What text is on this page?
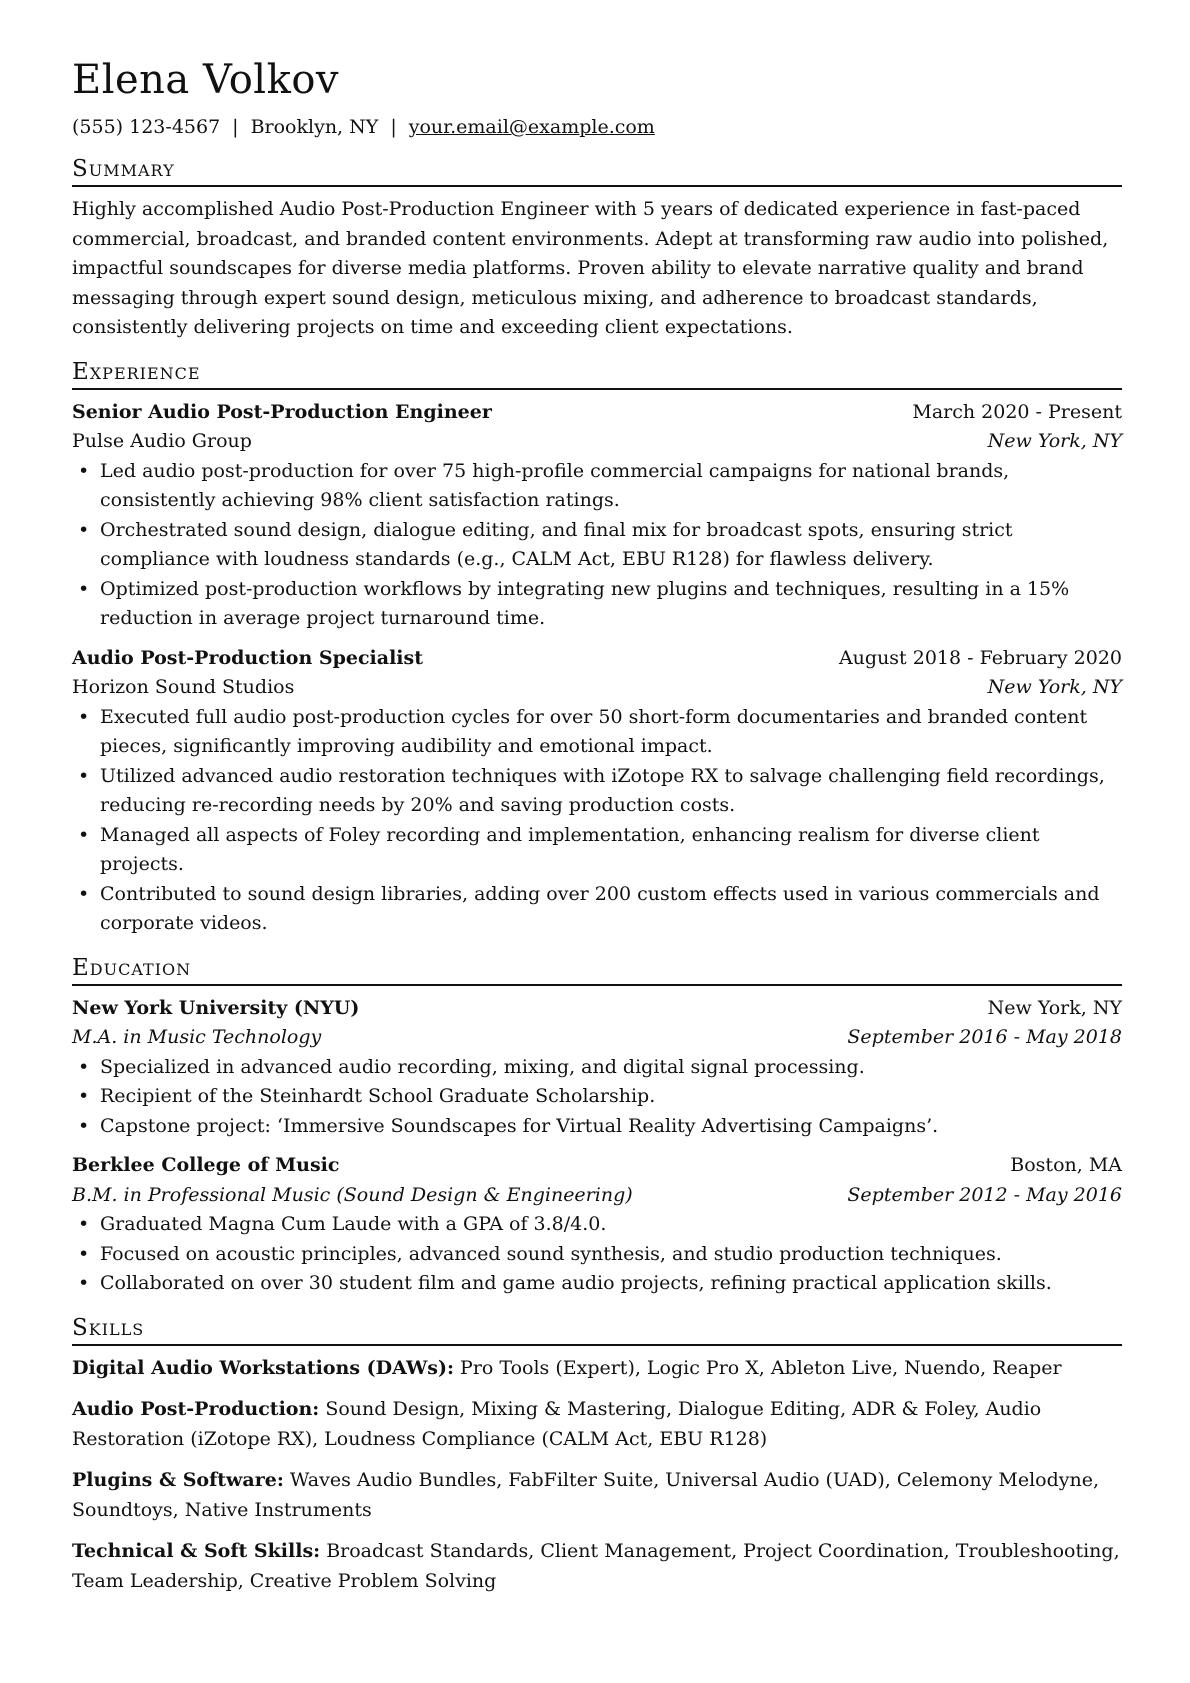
Elena Volkov
(555) 123-4567 | Brooklyn, NY | your.email@example.com
Summary
Highly accomplished Audio Post-Production Engineer with 5 years of dedicated experience in fast-paced commercial, broadcast, and branded content environments. Adept at transforming raw audio into polished, impactful soundscapes for diverse media platforms. Proven ability to elevate narrative quality and brand messaging through expert sound design, meticulous mixing, and adherence to broadcast standards, consistently delivering projects on time and exceeding client expectations.
Experience
Senior Audio Post-Production Engineer	March 2020 - Present
Pulse Audio Group	New York, NY
• Led audio post-production for over 75 high-profile commercial campaigns for national brands, consistently achieving 98% client satisfaction ratings.
• Orchestrated sound design, dialogue editing, and final mix for broadcast spots, ensuring strict compliance with loudness standards (e.g., CALM Act, EBU R128) for flawless delivery.
• Optimized post-production workflows by integrating new plugins and techniques, resulting in a 15% reduction in average project turnaround time.
Audio Post-Production Specialist	August 2018 - February 2020
Horizon Sound Studios	New York, NY
• Executed full audio post-production cycles for over 50 short-form documentaries and branded content pieces, significantly improving audibility and emotional impact.
• Utilized advanced audio restoration techniques with iZotope RX to salvage challenging field recordings, reducing re-recording needs by 20% and saving production costs.
• Managed all aspects of Foley recording and implementation, enhancing realism for diverse client projects.
• Contributed to sound design libraries, adding over 200 custom effects used in various commercials and corporate videos.
Education
New York University (NYU)	New York, NY
M.A. in Music Technology	September 2016 - May 2018
• Specialized in advanced audio recording, mixing, and digital signal processing.
• Recipient of the Steinhardt School Graduate Scholarship.
• Capstone project: ‘Immersive Soundscapes for Virtual Reality Advertising Campaigns’.
Berklee College of Music	Boston, MA
B.M. in Professional Music (Sound Design & Engineering)	September 2012 - May 2016
• Graduated Magna Cum Laude with a GPA of 3.8/4.0.
• Focused on acoustic principles, advanced sound synthesis, and studio production techniques.
• Collaborated on over 30 student film and game audio projects, refining practical application skills.
Skills
Digital Audio Workstations (DAWs): Pro Tools (Expert), Logic Pro X, Ableton Live, Nuendo, Reaper
Audio Post-Production: Sound Design, Mixing & Mastering, Dialogue Editing, ADR & Foley, Audio Restoration (iZotope RX), Loudness Compliance (CALM Act, EBU R128)
Plugins & Software: Waves Audio Bundles, FabFilter Suite, Universal Audio (UAD), Celemony Melodyne, Soundtoys, Native Instruments
Technical & Soft Skills: Broadcast Standards, Client Management, Project Coordination, Troubleshooting, Team Leadership, Creative Problem Solving
